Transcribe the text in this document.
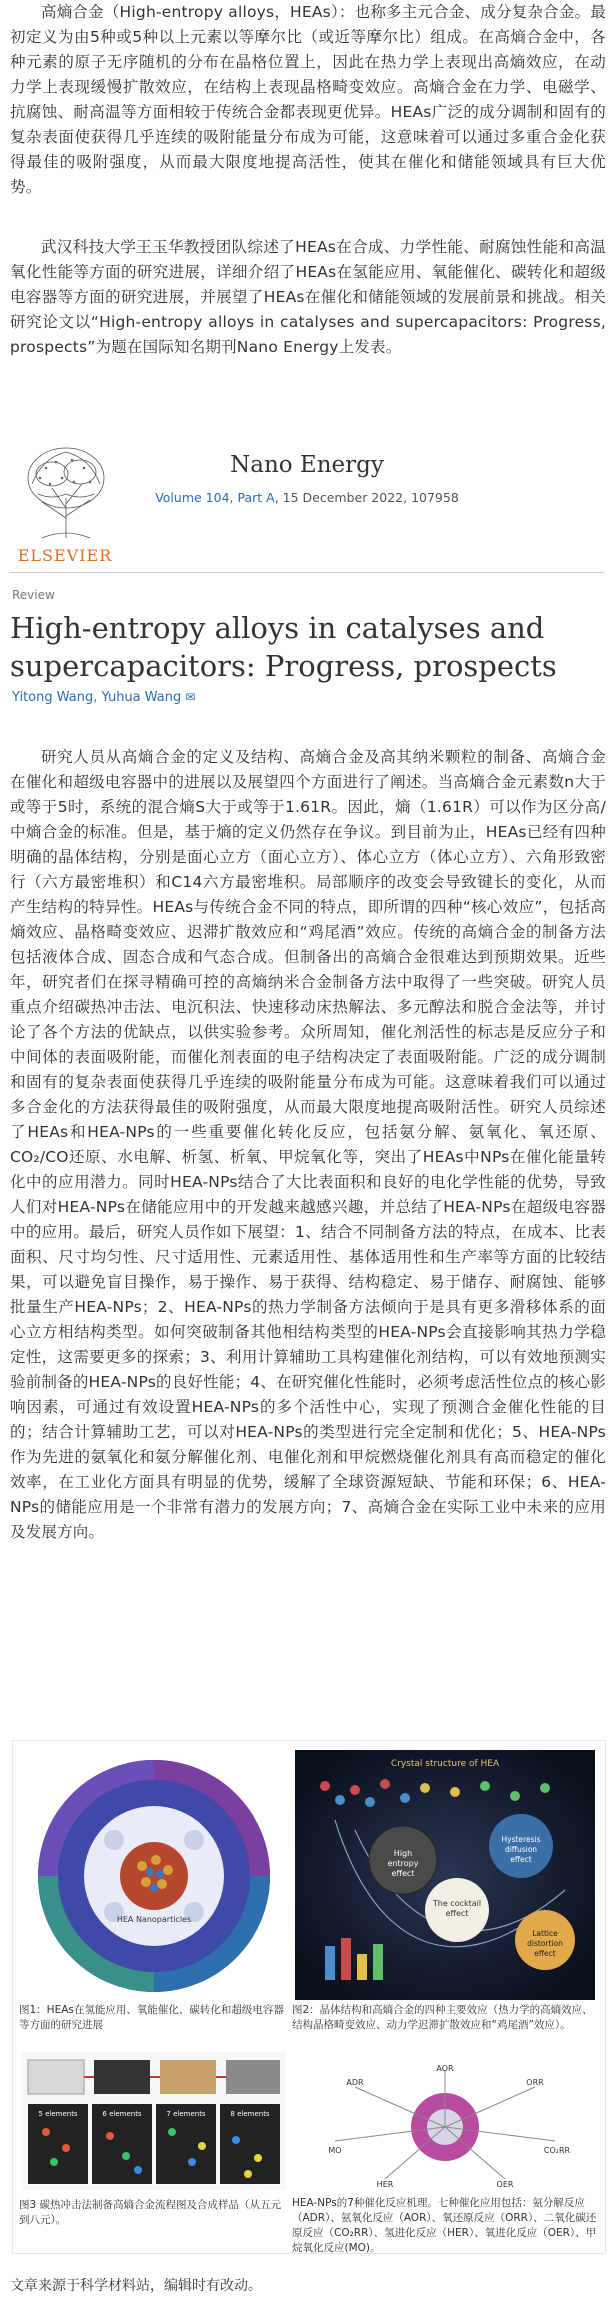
高熵合金（High-entropy alloys，HEAs）：也称多主元合金、成分复杂合金。最初定义为由5种或5种以上元素以等摩尔比（或近等摩尔比）组成。在高熵合金中，各种元素的原子无序随机的分布在晶格位置上，因此在热力学上表现出高熵效应，在动力学上表现缓慢扩散效应，在结构上表现晶格畸变效应。高熵合金在力学、电磁学、抗腐蚀、耐高温等方面相较于传统合金都表现更优异。HEAs广泛的成分调制和固有的复杂表面使获得几乎连续的吸附能量分布成为可能，这意味着可以通过多重合金化获得最佳的吸附强度，从而最大限度地提高活性，使其在催化和储能领域具有巨大优势。
武汉科技大学王玉华教授团队综述了HEAs在合成、力学性能、耐腐蚀性能和高温氧化性能等方面的研究进展，详细介绍了HEAs在氢能应用、氧能催化、碳转化和超级电容器等方面的研究进展，并展望了HEAs在催化和储能领域的发展前景和挑战。相关研究论文以“High-entropy alloys in catalyses and supercapacitors: Progress, prospects”为题在国际知名期刊Nano Energy上发表。
ELSEVIER
Nano Energy
Volume 104, Part A, 15 December 2022, 107958
Review
High-entropy alloys in catalyses and supercapacitors: Progress, prospects
Yitong Wang, Yuhua Wang ✉
研究人员从高熵合金的定义及结构、高熵合金及高其纳米颗粒的制备、高熵合金在催化和超级电容器中的进展以及展望四个方面进行了阐述。当高熵合金元素数n大于或等于5时，系统的混合熵S大于或等于1.61R。因此，熵（1.61R）可以作为区分高/中熵合金的标准。但是，基于熵的定义仍然存在争议。到目前为止，HEAs已经有四种明确的晶体结构，分别是面心立方（面心立方）、体心立方（体心立方）、六角形致密行（六方最密堆积）和C14六方最密堆积。局部顺序的改变会导致键长的变化，从而产生结构的特异性。HEAs与传统合金不同的特点，即所谓的四种“核心效应”，包括高熵效应、晶格畸变效应、迟滞扩散效应和“鸡尾酒”效应。传统的高熵合金的制备方法包括液体合成、固态合成和气态合成。但制备出的高熵合金很难达到预期效果。近些年，研究者们在探寻精确可控的高熵纳米合金制备方法中取得了一些突破。研究人员重点介绍碳热冲击法、电沉积法、快速移动床热解法、多元醇法和脱合金法等，并讨论了各个方法的优缺点，以供实验参考。众所周知，催化剂活性的标志是反应分子和中间体的表面吸附能，而催化剂表面的电子结构决定了表面吸附能。广泛的成分调制和固有的复杂表面使获得几乎连续的吸附能量分布成为可能。这意味着我们可以通过多合金化的方法获得最佳的吸附强度，从而最大限度地提高吸附活性。研究人员综述了HEAs和HEA-NPs的一些重要催化转化反应，包括氨分解、氨氧化、氧还原、CO₂/CO还原、水电解、析氢、析氧、甲烷氧化等，突出了HEAs中NPs在催化能量转化中的应用潜力。同时HEA-NPs结合了大比表面积和良好的电化学性能的优势，导致人们对HEA-NPs在储能应用中的开发越来越感兴趣，并总结了HEA-NPs在超级电容器中的应用。最后，研究人员作如下展望：1、结合不同制备方法的特点，在成本、比表面积、尺寸均匀性、尺寸适用性、元素适用性、基体适用性和生产率等方面的比较结果，可以避免盲目操作，易于操作、易于获得、结构稳定、易于储存、耐腐蚀、能够批量生产HEA-NPs；2、HEA-NPs的热力学制备方法倾向于是具有更多滑移体系的面心立方相结构类型。如何突破制备其他相结构类型的HEA-NPs会直接影响其热力学稳定性，这需要更多的探索；3、利用计算辅助工具构建催化剂结构，可以有效地预测实验前制备的HEA-NPs的良好性能；4、在研究催化性能时，必须考虑活性位点的核心影响因素，可通过有效设置HEA-NPs的多个活性中心，实现了预测合金催化性能的目的；结合计算辅助工艺，可以对HEA-NPs的类型进行完全定制和优化；5、HEA-NPs作为先进的氨氧化和氨分解催化剂、电催化剂和甲烷燃烧催化剂具有高而稳定的催化效率，在工业化方面具有明显的优势，缓解了全球资源短缺、节能和环保；6、HEA-NPs的储能应用是一个非常有潜力的发展方向；7、高熵合金在实际工业中未来的应用及发展方向。
HEA Nanoparticles
图1：HEAs在氢能应用、氧能催化、碳转化和超级电容器等方面的研究进展
Crystal structure of HEA
High entropy effect
Hysteresis diffusion effect
The cocktail effect
Lattice distortion effect
图2：晶体结构和高熵合金的四种主要效应（热力学的高熵效应、结构晶格畸变效应、动力学迟滞扩散效应和“鸡尾酒”效应）。
5 elements	6 elements	7 elements	8 elements
图3 碳热冲击法制备高熵合金流程图及合成样品（从五元到八元）。
AOR
ORR
ADR
MO	CO₂RR
HER	OER
HEA-NPs的7种催化反应机理。七种催化应用包括：氨分解反应（ADR）、氨氧化反应（AOR）、氧还原反应（ORR）、二氧化碳还原反应（CO₂RR）、氢进化反应（HER）、氧进化反应（OER）、甲烷氧化反应(MO)。
文章来源于科学材料站，编辑时有改动。
